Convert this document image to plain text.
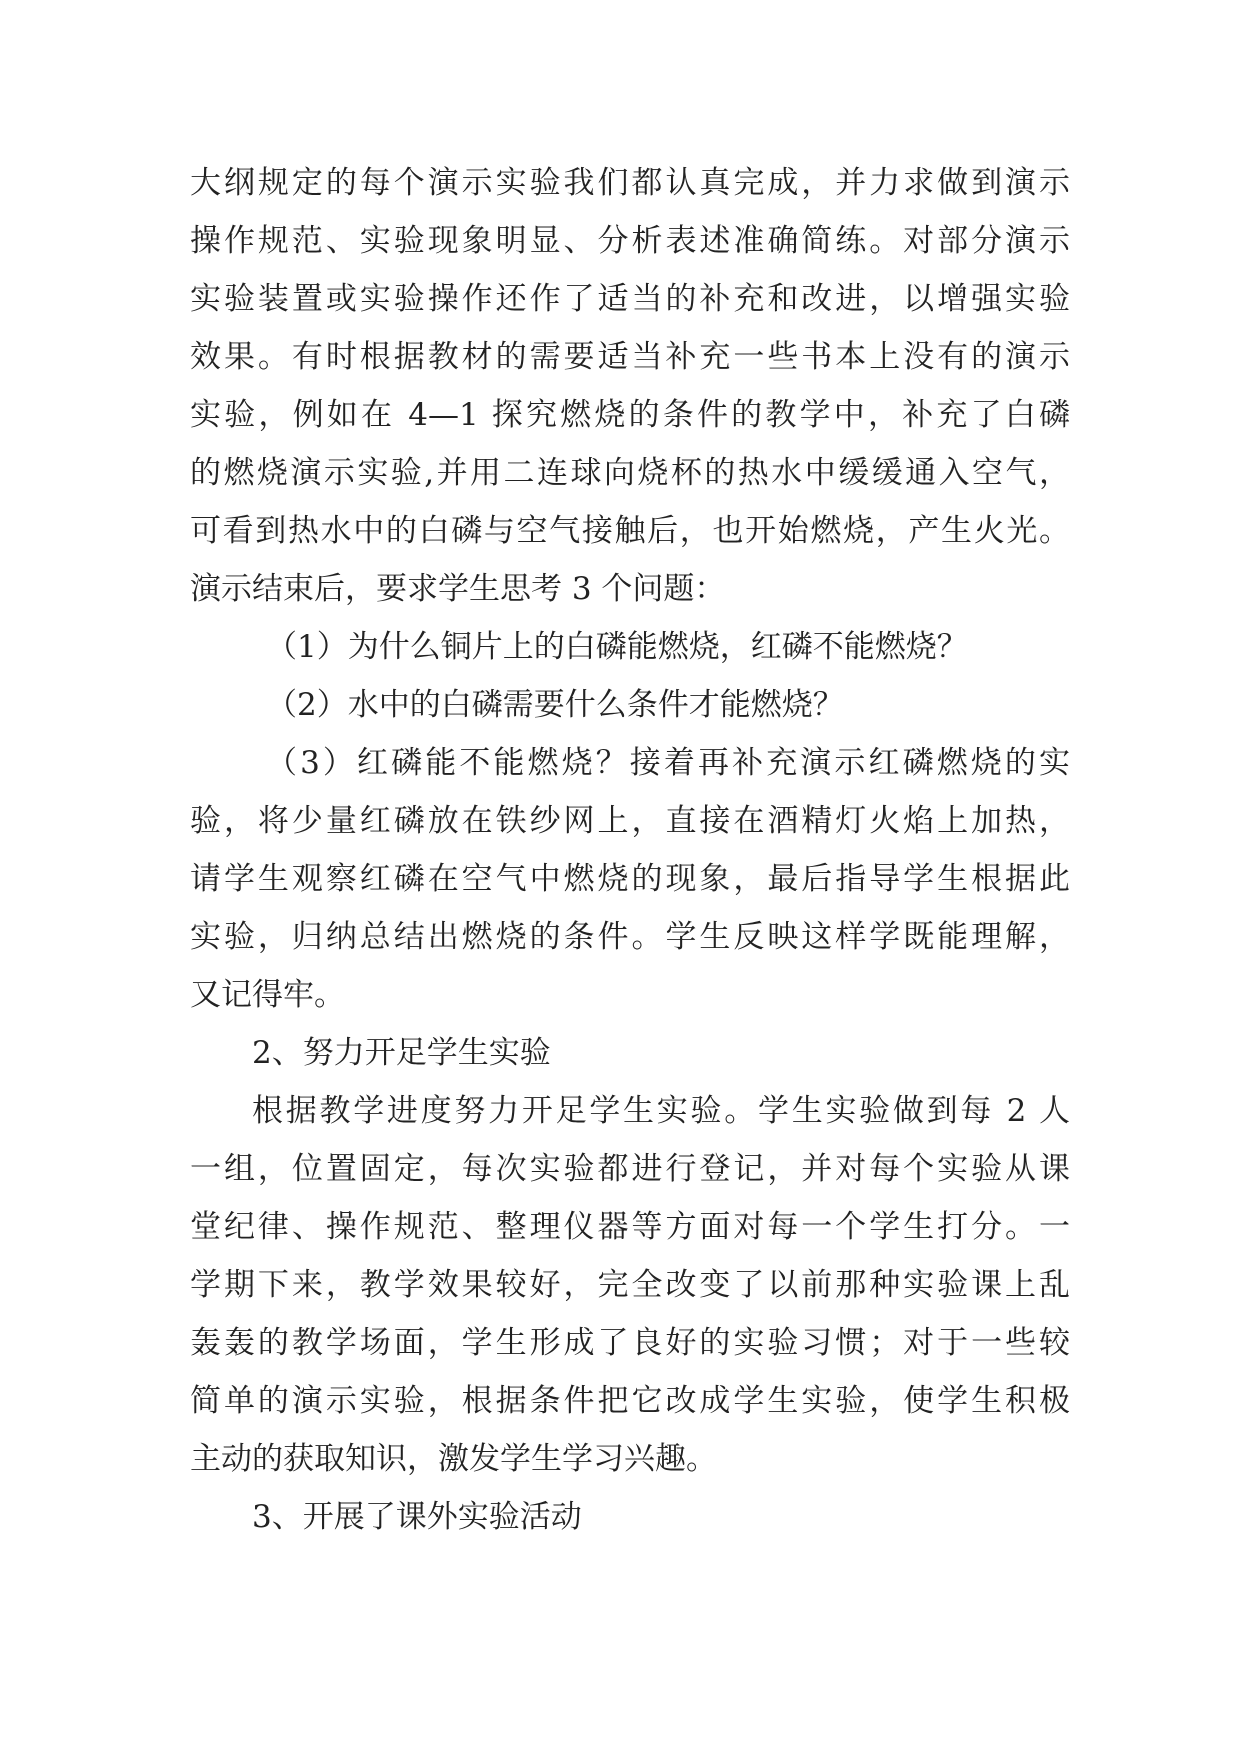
大纲规定的每个演示实验我们都认真完成，并力求做到演示
操作规范、实验现象明显、分析表述准确简练。对部分演示
实验装置或实验操作还作了适当的补充和改进，以增强实验
效果。有时根据教材的需要适当补充一些书本上没有的演示
实验，例如在 4—1 探究燃烧的条件的教学中，补充了白磷
的燃烧演示实验,并用二连球向烧杯的热水中缓缓通入空气，
可看到热水中的白磷与空气接触后，也开始燃烧，产生火光。
演示结束后，要求学生思考 3 个问题：
（1）为什么铜片上的白磷能燃烧，红磷不能燃烧？
（2）水中的白磷需要什么条件才能燃烧？
（3）红磷能不能燃烧？接着再补充演示红磷燃烧的实
验，将少量红磷放在铁纱网上，直接在酒精灯火焰上加热，
请学生观察红磷在空气中燃烧的现象，最后指导学生根据此
实验，归纳总结出燃烧的条件。学生反映这样学既能理解，
又记得牢。
2、努力开足学生实验
根据教学进度努力开足学生实验。学生实验做到每 2 人
一组，位置固定，每次实验都进行登记，并对每个实验从课
堂纪律、操作规范、整理仪器等方面对每一个学生打分。一
学期下来，教学效果较好，完全改变了以前那种实验课上乱
轰轰的教学场面，学生形成了良好的实验习惯；对于一些较
简单的演示实验，根据条件把它改成学生实验，使学生积极
主动的获取知识，激发学生学习兴趣。
3、开展了课外实验活动
